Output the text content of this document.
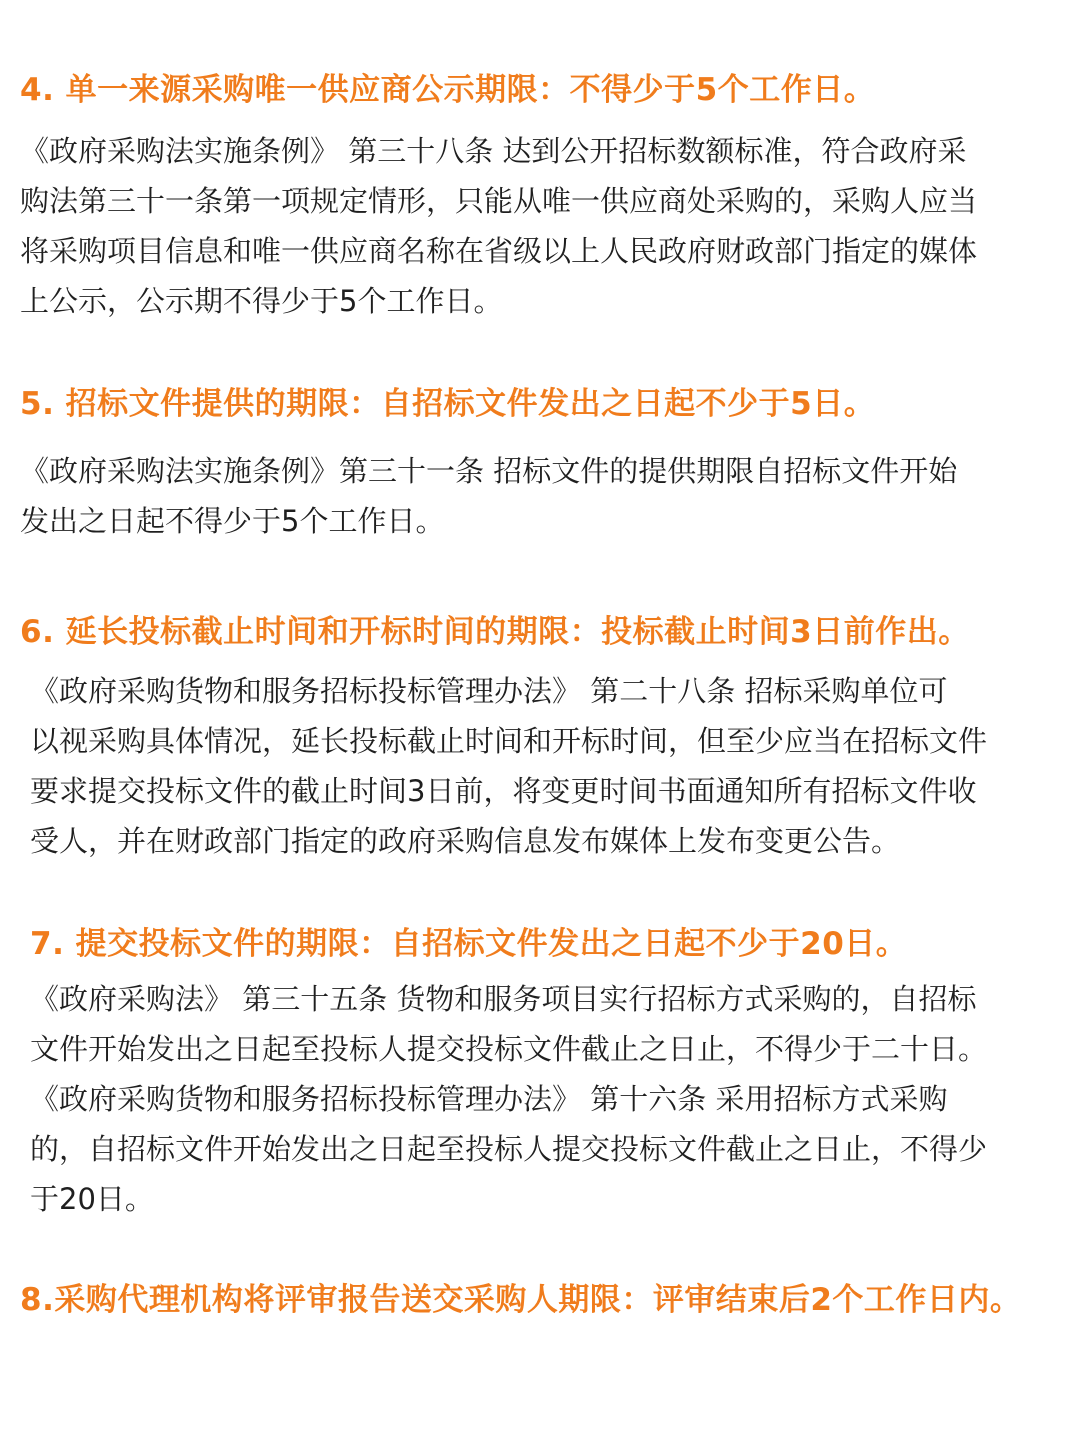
4. 单一来源采购唯一供应商公示期限：不得少于5个工作日。
《政府采购法实施条例》 第三十八条 达到公开招标数额标准，符合政府采
购法第三十一条第一项规定情形，只能从唯一供应商处采购的，采购人应当
将采购项目信息和唯一供应商名称在省级以上人民政府财政部门指定的媒体
上公示，公示期不得少于5个工作日。
5. 招标文件提供的期限：自招标文件发出之日起不少于5日。
《政府采购法实施条例》第三十一条 招标文件的提供期限自招标文件开始
发出之日起不得少于5个工作日。
6. 延长投标截止时间和开标时间的期限：投标截止时间3日前作出。
《政府采购货物和服务招标投标管理办法》 第二十八条 招标采购单位可
以视采购具体情况，延长投标截止时间和开标时间，但至少应当在招标文件
要求提交投标文件的截止时间3日前，将变更时间书面通知所有招标文件收
受人，并在财政部门指定的政府采购信息发布媒体上发布变更公告。
7. 提交投标文件的期限：自招标文件发出之日起不少于20日。
《政府采购法》 第三十五条 货物和服务项目实行招标方式采购的，自招标
文件开始发出之日起至投标人提交投标文件截止之日止，不得少于二十日。
《政府采购货物和服务招标投标管理办法》 第十六条 采用招标方式采购
的，自招标文件开始发出之日起至投标人提交投标文件截止之日止，不得少
于20日。
8.采购代理机构将评审报告送交采购人期限：评审结束后2个工作日内。
